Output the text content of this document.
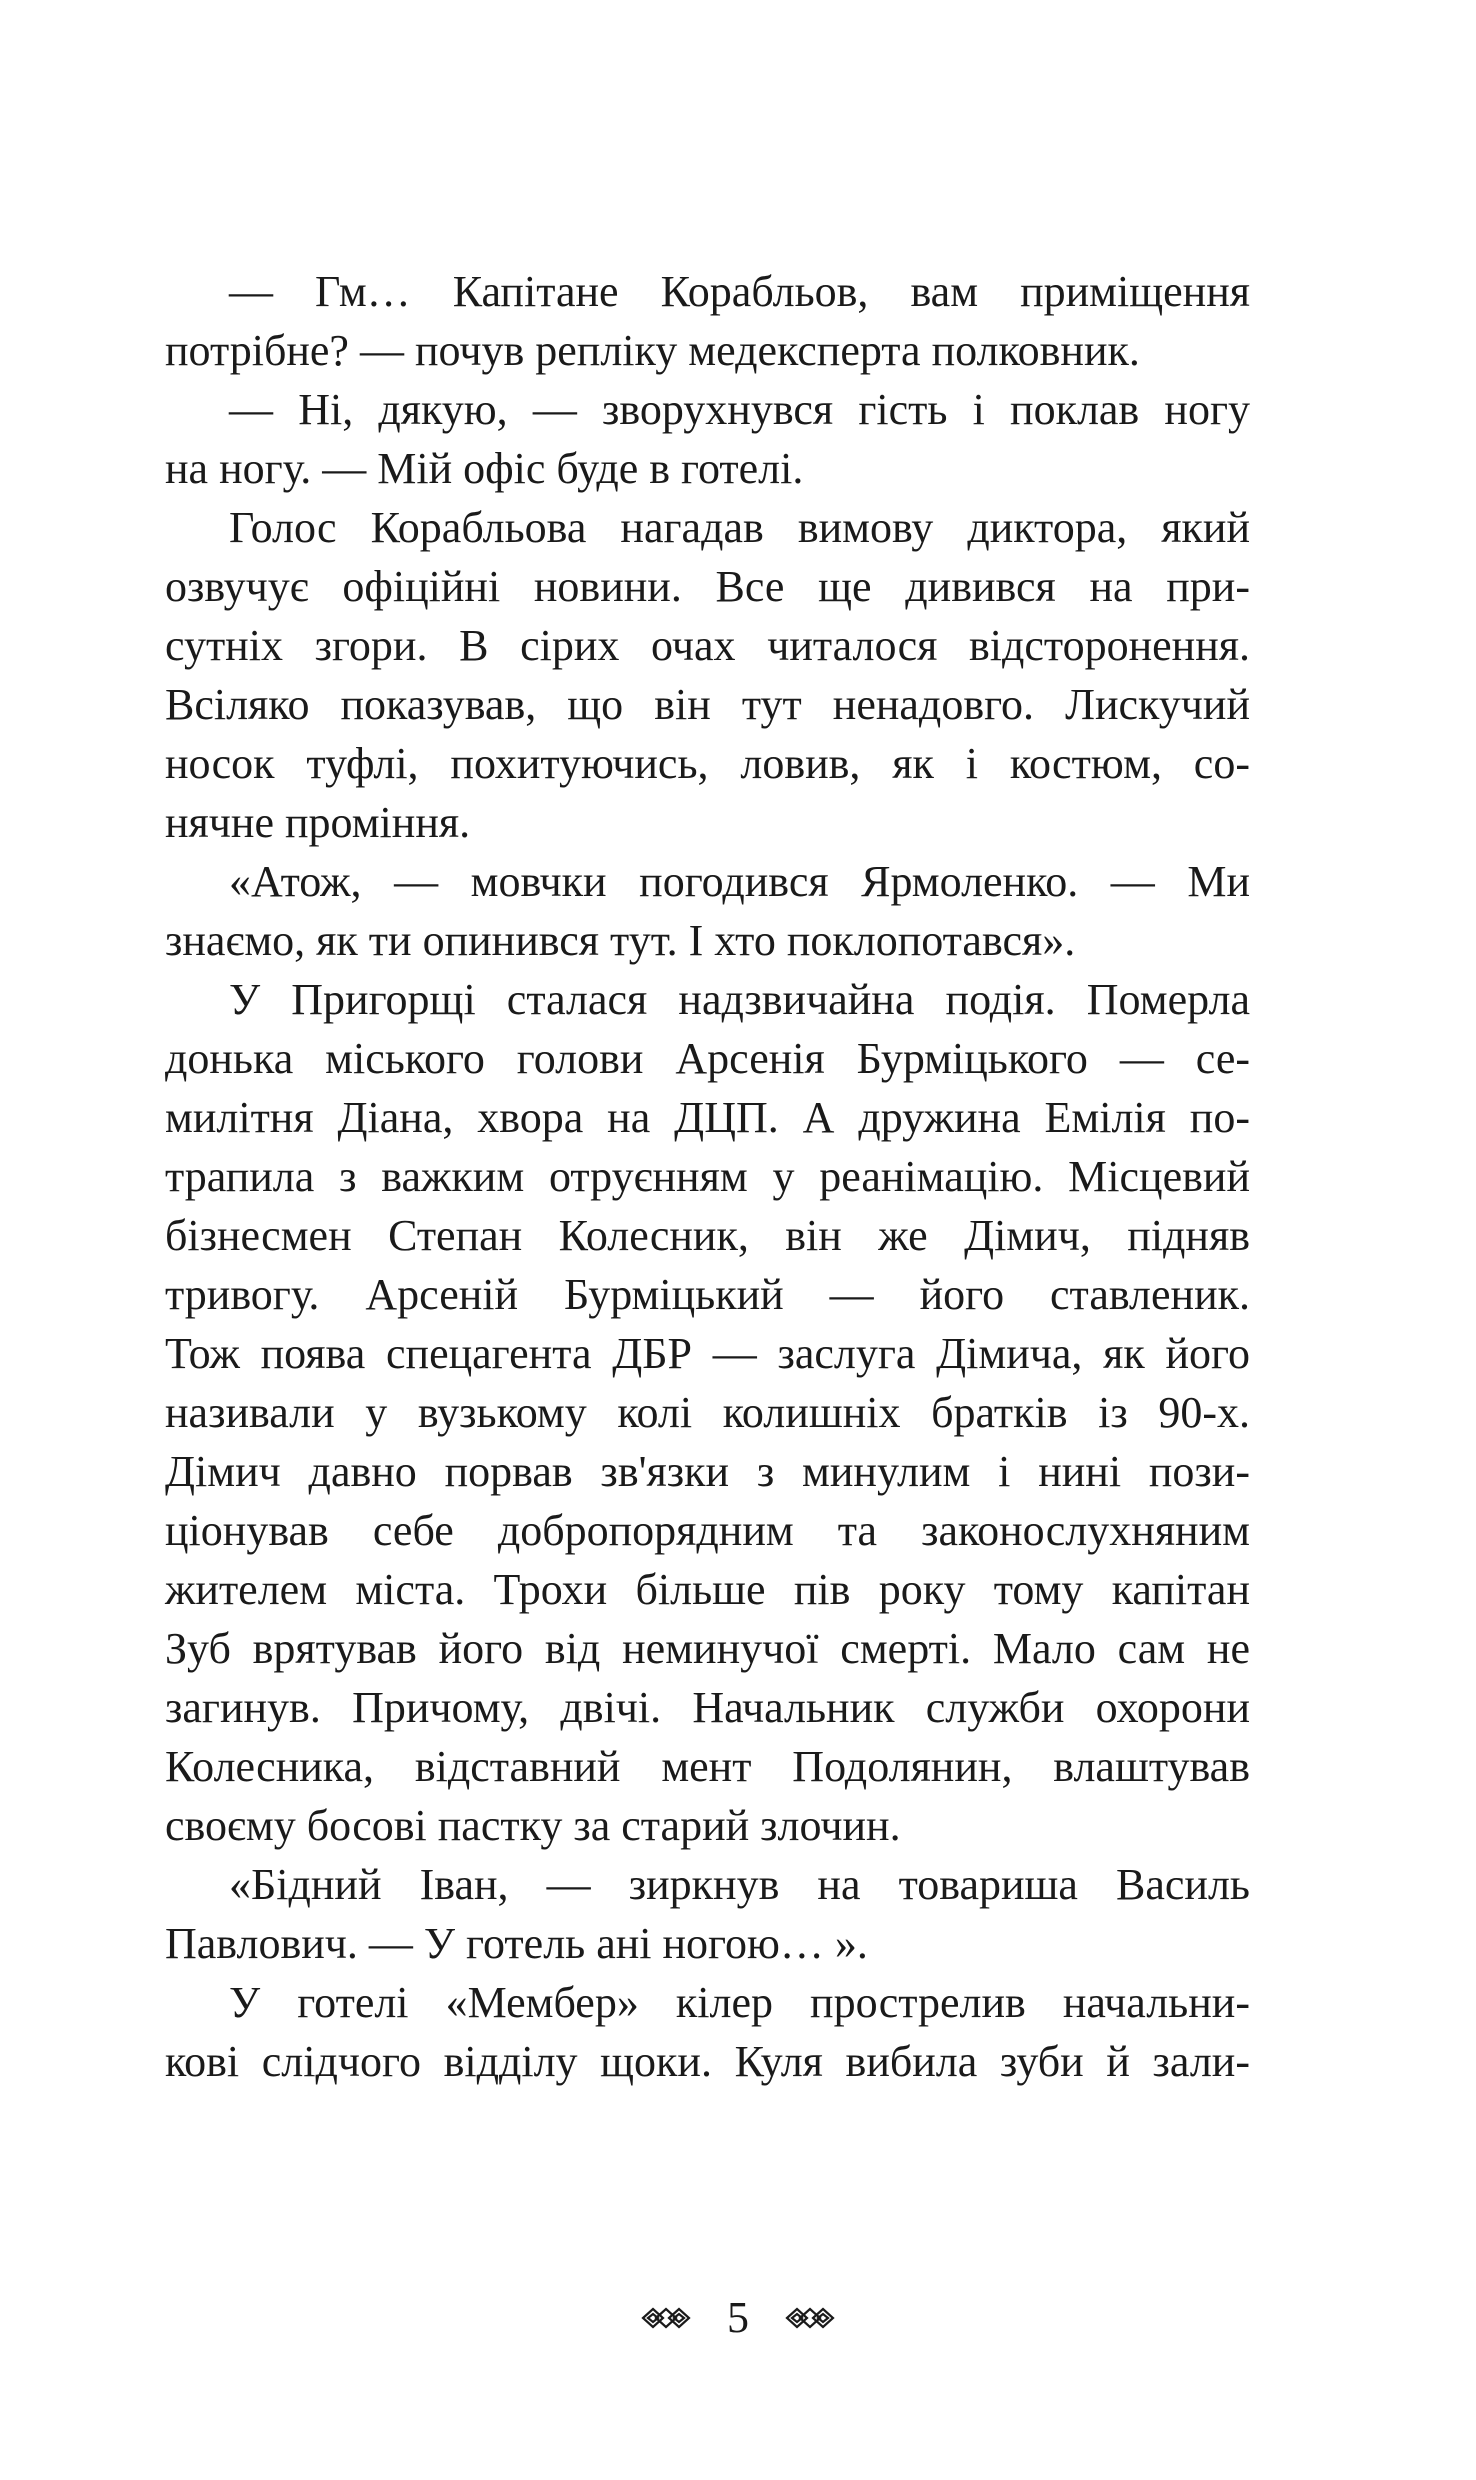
— Гм… Капітане Корабльов, вам приміщення
потрібне? — почув репліку медексперта полковник.

— Ні, дякую, — зворухнувся гість і поклав ногу
на ногу. — Мій офіс буде в готелі.

Голос Корабльова нагадав вимову диктора, який
озвучує офіційні новини. Все ще дивився на при-
сутніх згори. В сірих очах читалося відсторонення.
Всіляко показував, що він тут ненадовго. Лискучий
носок туфлі, похитуючись, ловив, як і костюм, со-
нячне проміння.

«Атож, — мовчки погодився Ярмоленко. — Ми
знаємо, як ти опинився тут. І хто поклопотався».

У Пригорщі сталася надзвичайна подія. Померла
донька міського голови Арсенія Бурміцького — се-
милітня Діана, хвора на ДЦП. А дружина Емілія по-
трапила з важким отруєнням у реанімацію. Місцевий
бізнесмен Степан Колесник, він же Дімич, підняв
тривогу. Арсеній Бурміцький — його ставленик.
Тож поява спецагента ДБР — заслуга Дімича, як його
називали у вузькому колі колишніх братків із 90-х.
Дімич давно порвав зв'язки з минулим і нині пози-
ціонував себе добропорядним та законослухняним
жителем міста. Трохи більше пів року тому капітан
Зуб врятував його від неминучої смерті. Мало сам не
загинув. Причому, двічі. Начальник служби охорони
Колесника, відставний мент Подолянин, влаштував
своєму босові пастку за старий злочин.

«Бідний Іван, — зиркнув на товариша Василь
Павлович. — У готель ані ногою… ».

У готелі «Мембер» кілер прострелив начальни-
кові слідчого відділу щоки. Куля вибила зуби й зали-

5
